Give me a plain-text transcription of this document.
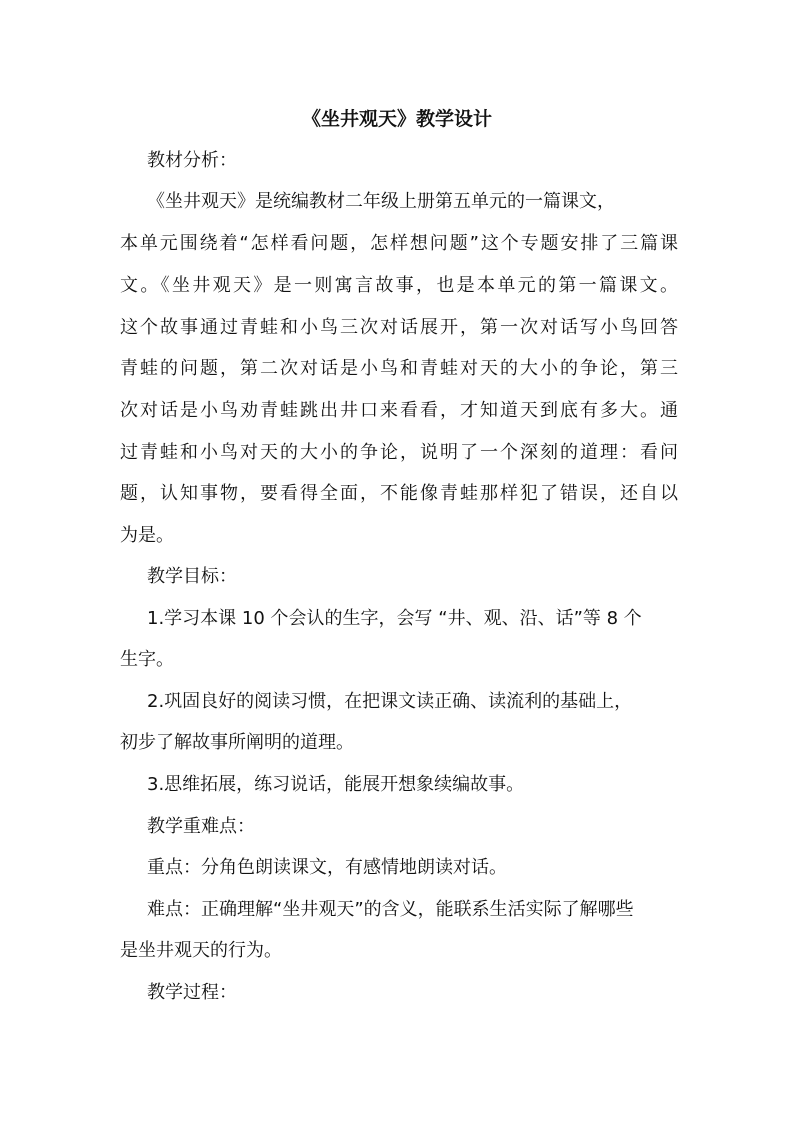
《坐井观天》教学设计
教材分析：
《坐井观天》是统编教材二年级上册第五单元的一篇课文，
本单元围绕着“怎样看问题，怎样想问题”这个专题安排了三篇课
文。《坐井观天》是一则寓言故事，也是本单元的第一篇课文。
这个故事通过青蛙和小鸟三次对话展开，第一次对话写小鸟回答
青蛙的问题，第二次对话是小鸟和青蛙对天的大小的争论，第三
次对话是小鸟劝青蛙跳出井口来看看，才知道天到底有多大。通
过青蛙和小鸟对天的大小的争论，说明了一个深刻的道理：看问
题，认知事物，要看得全面，不能像青蛙那样犯了错误，还自以
为是。
教学目标：
1.学习本课 10 个会认的生字，会写 “井、观、沿、话”等 8 个
生字。
2.巩固良好的阅读习惯，在把课文读正确、读流利的基础上，
初步了解故事所阐明的道理。
3.思维拓展，练习说话，能展开想象续编故事。
教学重难点：
重点：分角色朗读课文，有感情地朗读对话。
难点：正确理解“坐井观天”的含义，能联系生活实际了解哪些
是坐井观天的行为。
教学过程：
